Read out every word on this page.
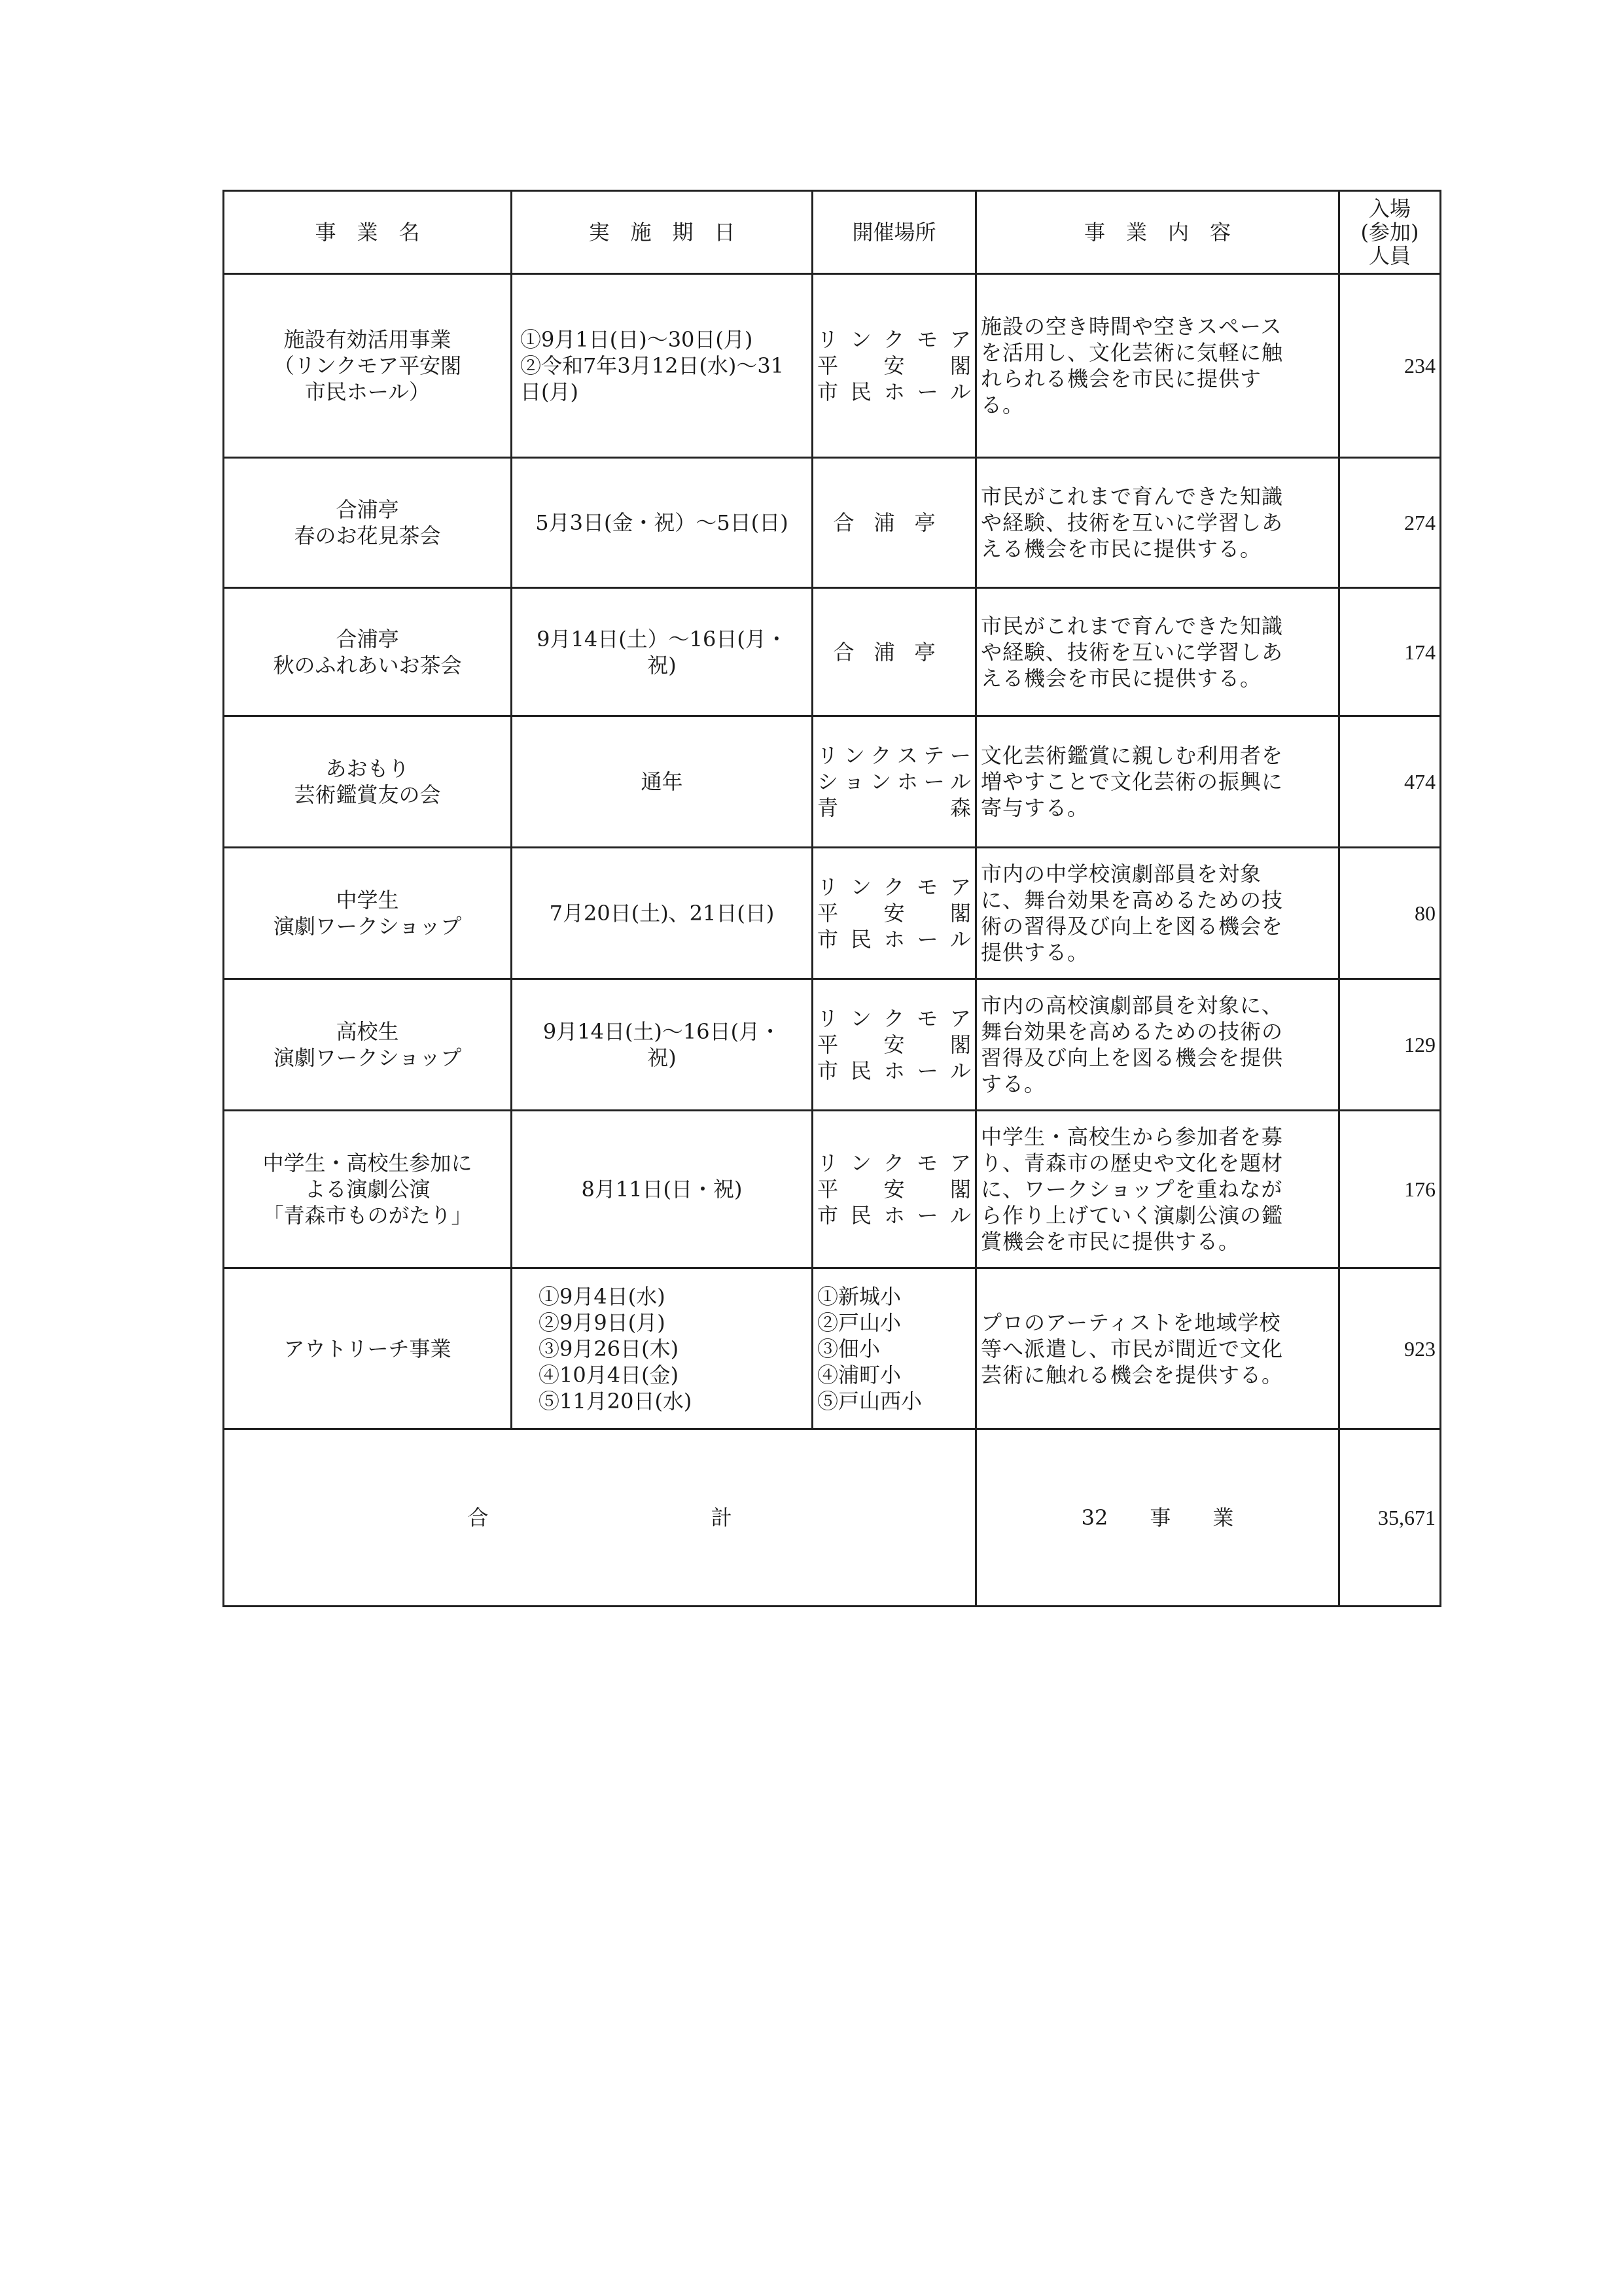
事　業　名	実　施　期　日	開催場所	事　業　内　容	入場
(参加)
人員

施設有効活用事業
（リンクモア平安閣
市民ホール）	①9月1日(日)～30日(月)
②令和7年3月12日(水)～31
日(月)	リンクモア
平　安　閣
市民ホール	施設の空き時間や空きスペース
を活用し、文化芸術に気軽に触
れられる機会を市民に提供す
る。	234

合浦亭
春のお花見茶会	5月3日(金・祝）～5日(日)	合浦亭	市民がこれまで育んできた知識
や経験、技術を互いに学習しあ
える機会を市民に提供する。	274

合浦亭
秋のふれあいお茶会	9月14日(土）～16日(月・
祝)	合浦亭	市民がこれまで育んできた知識
や経験、技術を互いに学習しあ
える機会を市民に提供する。	174

あおもり
芸術鑑賞友の会	通年	リンクステー
ションホール
青　　　森	文化芸術鑑賞に親しむ利用者を
増やすことで文化芸術の振興に
寄与する。	474

中学生
演劇ワークショップ	7月20日(土)、21日(日)	リンクモア
平　安　閣
市民ホール	市内の中学校演劇部員を対象
に、舞台効果を高めるための技
術の習得及び向上を図る機会を
提供する。	80

高校生
演劇ワークショップ	9月14日(土)～16日(月・
祝)	リンクモア
平　安　閣
市民ホール	市内の高校演劇部員を対象に、
舞台効果を高めるための技術の
習得及び向上を図る機会を提供
する。	129

中学生・高校生参加に
よる演劇公演
「青森市ものがたり」	8月11日(日・祝)	リンクモア
平　安　閣
市民ホール	中学生・高校生から参加者を募
り、青森市の歴史や文化を題材
に、ワークショップを重ねなが
ら作り上げていく演劇公演の鑑
賞機会を市民に提供する。	176

アウトリーチ事業	①9月4日(水)
②9月9日(月)
③9月26日(木)
④10月4日(金)
⑤11月20日(水)	①新城小
②戸山小
③佃小
④浦町小
⑤戸山西小	プロのアーティストを地域学校
等へ派遣し、市民が間近で文化
芸術に触れる機会を提供する。	923
合 計			32　　事　　業	35,671
